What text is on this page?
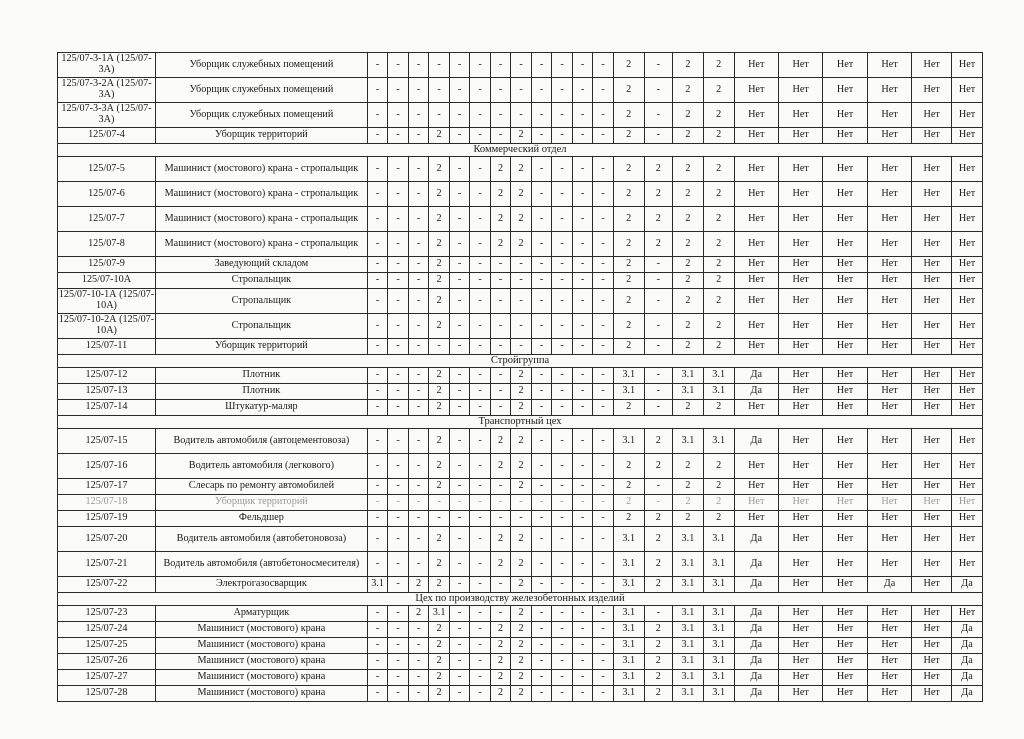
125/07-3-1А (125/07-3А)	Уборщик служебных помещений	-	-	-	-	-	-	-	-	-	-	-	-	2	-	2	2	Нет	Нет	Нет	Нет	Нет	Нет
125/07-3-2А (125/07-3А)	Уборщик служебных помещений	-	-	-	-	-	-	-	-	-	-	-	-	2	-	2	2	Нет	Нет	Нет	Нет	Нет	Нет
125/07-3-3А (125/07-3А)	Уборщик служебных помещений	-	-	-	-	-	-	-	-	-	-	-	-	2	-	2	2	Нет	Нет	Нет	Нет	Нет	Нет
125/07-4	Уборщик территорий	-	-	-	2	-	-	-	2	-	-	-	-	2	-	2	2	Нет	Нет	Нет	Нет	Нет	Нет
Коммерческий отдел																							
125/07-5	Машинист (мостового) крана - стропальщик	-	-	-	2	-	-	2	2	-	-	-	-	2	2	2	2	Нет	Нет	Нет	Нет	Нет	Нет
125/07-6	Машинист (мостового) крана - стропальщик	-	-	-	2	-	-	2	2	-	-	-	-	2	2	2	2	Нет	Нет	Нет	Нет	Нет	Нет
125/07-7	Машинист (мостового) крана - стропальщик	-	-	-	2	-	-	2	2	-	-	-	-	2	2	2	2	Нет	Нет	Нет	Нет	Нет	Нет
125/07-8	Машинист (мостового) крана - стропальщик	-	-	-	2	-	-	2	2	-	-	-	-	2	2	2	2	Нет	Нет	Нет	Нет	Нет	Нет
125/07-9	Заведующий складом	-	-	-	2	-	-	-	-	-	-	-	-	2	-	2	2	Нет	Нет	Нет	Нет	Нет	Нет
125/07-10А	Стропальщик	-	-	-	2	-	-	-	-	-	-	-	-	2	-	2	2	Нет	Нет	Нет	Нет	Нет	Нет
125/07-10-1А (125/07-10А)	Стропальщик	-	-	-	2	-	-	-	-	-	-	-	-	2	-	2	2	Нет	Нет	Нет	Нет	Нет	Нет
125/07-10-2А (125/07-10А)	Стропальщик	-	-	-	2	-	-	-	-	-	-	-	-	2	-	2	2	Нет	Нет	Нет	Нет	Нет	Нет
125/07-11	Уборщик территорий	-	-	-	-	-	-	-	-	-	-	-	-	2	-	2	2	Нет	Нет	Нет	Нет	Нет	Нет
Стройгруппа																							
125/07-12	Плотник	-	-	-	2	-	-	-	2	-	-	-	-	3.1	-	3.1	3.1	Да	Нет	Нет	Нет	Нет	Нет
125/07-13	Плотник	-	-	-	2	-	-	-	2	-	-	-	-	3.1	-	3.1	3.1	Да	Нет	Нет	Нет	Нет	Нет
125/07-14	Штукатур-маляр	-	-	-	2	-	-	-	2	-	-	-	-	2	-	2	2	Нет	Нет	Нет	Нет	Нет	Нет
Транспортный цех																							
125/07-15	Водитель автомобиля (автоцементовоза)	-	-	-	2	-	-	2	2	-	-	-	-	3.1	2	3.1	3.1	Да	Нет	Нет	Нет	Нет	Нет
125/07-16	Водитель автомобиля (легкового)	-	-	-	2	-	-	2	2	-	-	-	-	2	2	2	2	Нет	Нет	Нет	Нет	Нет	Нет
125/07-17	Слесарь по ремонту автомобилей	-	-	-	2	-	-	-	2	-	-	-	-	2	-	2	2	Нет	Нет	Нет	Нет	Нет	Нет
125/07-18	Уборщик территорий	-	-	-	-	-	-	-	-	-	-	-	-	2	-	2	2	Нет	Нет	Нет	Нет	Нет	Нет
125/07-19	Фельдшер	-	-	-	-	-	-	-	-	-	-	-	-	2	2	2	2	Нет	Нет	Нет	Нет	Нет	Нет
125/07-20	Водитель автомобиля (автобетоновоза)	-	-	-	2	-	-	2	2	-	-	-	-	3.1	2	3.1	3.1	Да	Нет	Нет	Нет	Нет	Нет
125/07-21	Водитель автомобиля (автобетоносмесителя)	-	-	-	2	-	-	2	2	-	-	-	-	3.1	2	3.1	3.1	Да	Нет	Нет	Нет	Нет	Нет
125/07-22	Электрогазосварщик	3.1	-	2	2	-	-	-	2	-	-	-	-	3.1	2	3.1	3.1	Да	Нет	Нет	Да	Нет	Да
Цех по производству железобетонных изделий																							
125/07-23	Арматурщик	-	-	2	3.1	-	-	-	2	-	-	-	-	3.1	-	3.1	3.1	Да	Нет	Нет	Нет	Нет	Нет
125/07-24	Машинист (мостового) крана	-	-	-	2	-	-	2	2	-	-	-	-	3.1	2	3.1	3.1	Да	Нет	Нет	Нет	Нет	Да
125/07-25	Машинист (мостового) крана	-	-	-	2	-	-	2	2	-	-	-	-	3.1	2	3.1	3.1	Да	Нет	Нет	Нет	Нет	Да
125/07-26	Машинист (мостового) крана	-	-	-	2	-	-	2	2	-	-	-	-	3.1	2	3.1	3.1	Да	Нет	Нет	Нет	Нет	Да
125/07-27	Машинист (мостового) крана	-	-	-	2	-	-	2	2	-	-	-	-	3.1	2	3.1	3.1	Да	Нет	Нет	Нет	Нет	Да
125/07-28	Машинист (мостового) крана	-	-	-	2	-	-	2	2	-	-	-	-	3.1	2	3.1	3.1	Да	Нет	Нет	Нет	Нет	Да
